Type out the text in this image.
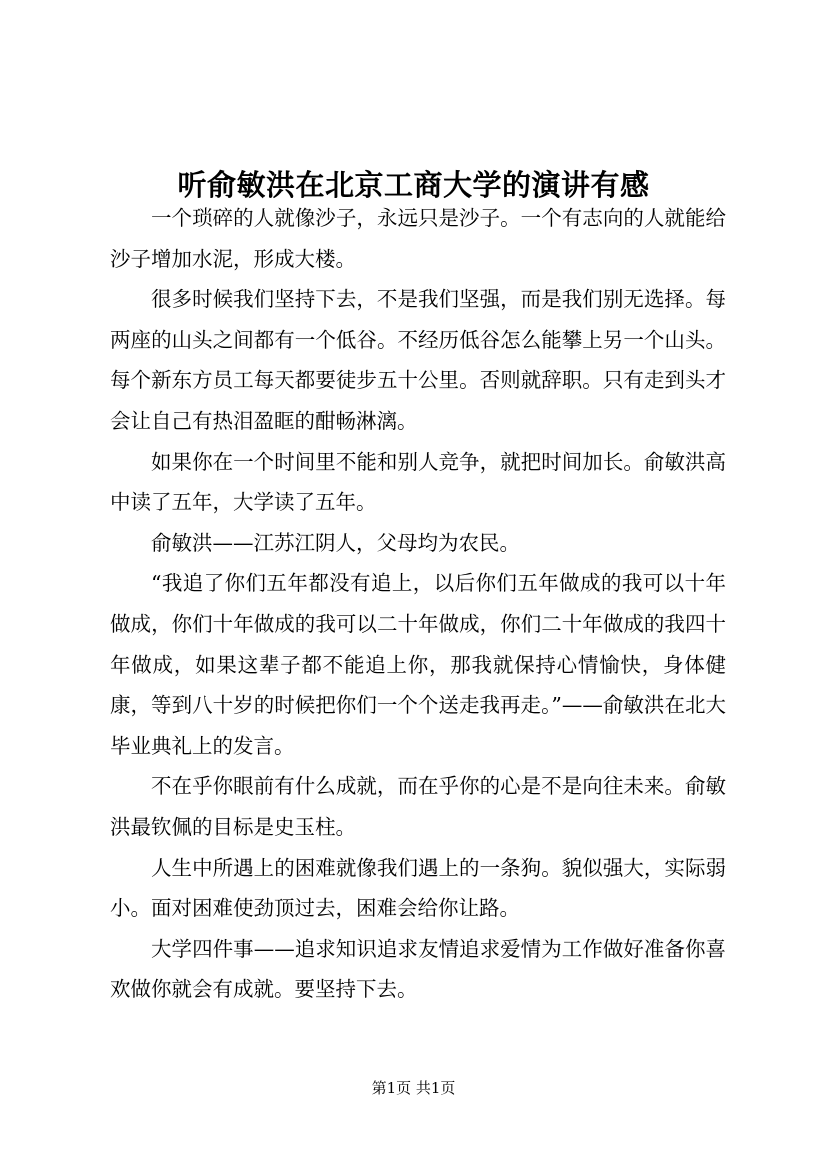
听俞敏洪在北京工商大学的演讲有感

一个琐碎的人就像沙子，永远只是沙子。一个有志向的人就能给沙子增加水泥，形成大楼。

很多时候我们坚持下去，不是我们坚强，而是我们别无选择。每两座的山头之间都有一个低谷。不经历低谷怎么能攀上另一个山头。每个新东方员工每天都要徒步五十公里。否则就辞职。只有走到头才会让自己有热泪盈眶的酣畅淋漓。

如果你在一个时间里不能和别人竞争，就把时间加长。俞敏洪高中读了五年，大学读了五年。

俞敏洪——江苏江阴人，父母均为农民。

“我追了你们五年都没有追上，以后你们五年做成的我可以十年做成，你们十年做成的我可以二十年做成，你们二十年做成的我四十年做成，如果这辈子都不能追上你，那我就保持心情愉快，身体健康，等到八十岁的时候把你们一个个送走我再走。”——俞敏洪在北大毕业典礼上的发言。

不在乎你眼前有什么成就，而在乎你的心是不是向往未来。俞敏洪最钦佩的目标是史玉柱。

人生中所遇上的困难就像我们遇上的一条狗。貌似强大，实际弱小。面对困难使劲顶过去，困难会给你让路。

大学四件事——追求知识追求友情追求爱情为工作做好准备你喜欢做你就会有成就。要坚持下去。

第1页 共1页
